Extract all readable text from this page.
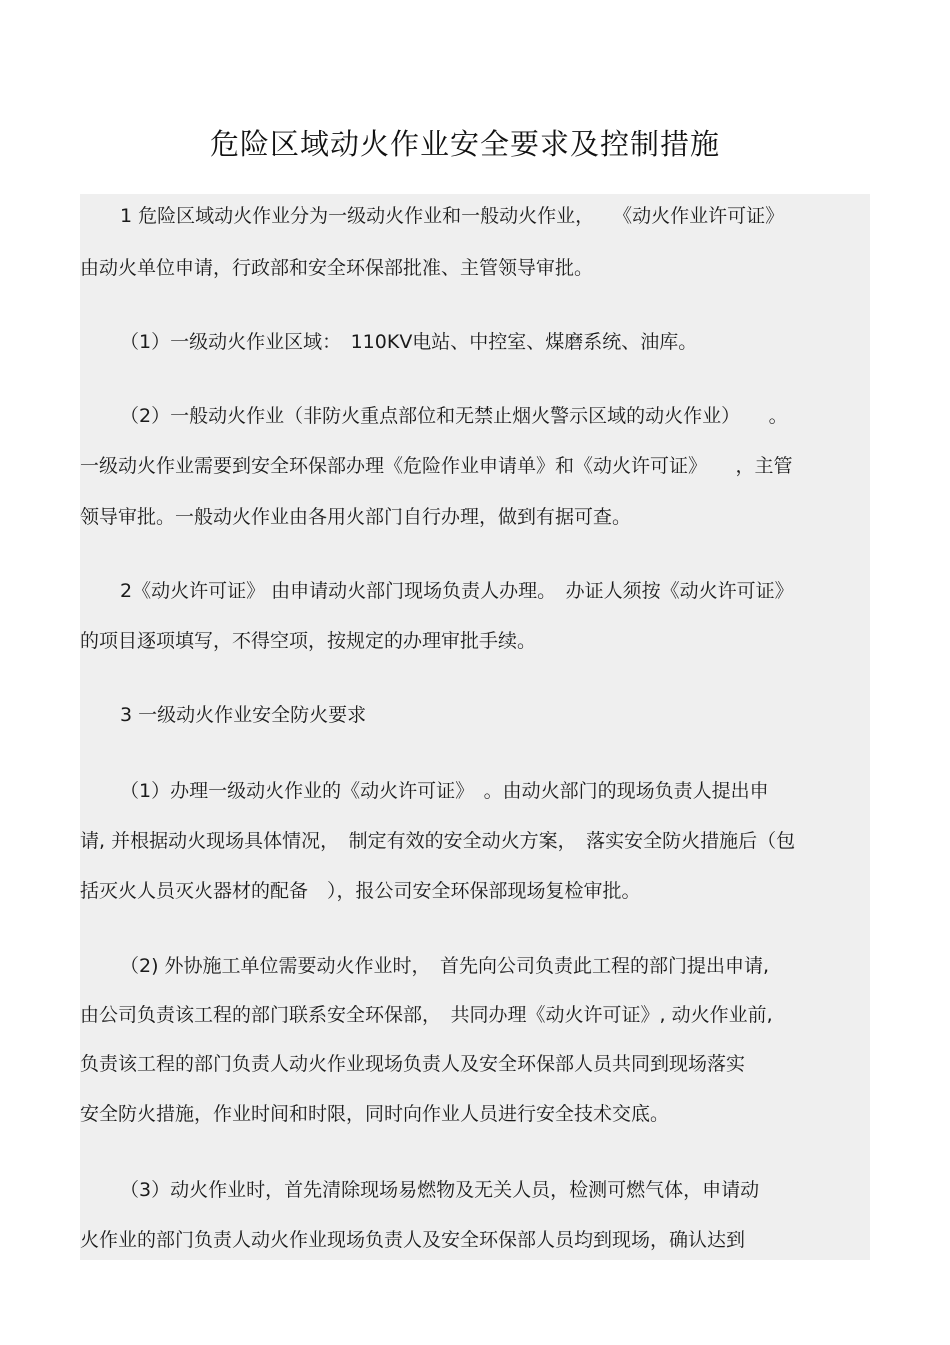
危险区域动火作业安全要求及控制措施
1 危险区域动火作业分为一级动火作业和一般动火作业，　　《动火作业许可证》
由动火单位申请，行政部和安全环保部批准、主管领导审批。
（1）一级动火作业区域：　110KV电站、中控室、煤磨系统、油库。
（2）一般动火作业（非防火重点部位和无禁止烟火警示区域的动火作业）　　。
一级动火作业需要到安全环保部办理《危险作业申请单》和《动火许可证》　　，主管
领导审批。一般动火作业由各用火部门自行办理，做到有据可查。
2《动火许可证》 由申请动火部门现场负责人办理。　办证人须按《动火许可证》
的项目逐项填写，不得空项，按规定的办理审批手续。
3 一级动火作业安全防火要求
（1）办理一级动火作业的《动火许可证》　。由动火部门的现场负责人提出申
请, 并根据动火现场具体情况，　制定有效的安全动火方案，　落实安全防火措施后（包
括灭火人员灭火器材的配备　），报公司安全环保部现场复检审批。
（2) 外协施工单位需要动火作业时，　首先向公司负责此工程的部门提出申请,
由公司负责该工程的部门联系安全环保部，　共同办理《动火许可证》, 动火作业前,
负责该工程的部门负责人动火作业现场负责人及安全环保部人员共同到现场落实
安全防火措施，作业时间和时限，同时向作业人员进行安全技术交底。
（3）动火作业时，首先清除现场易燃物及无关人员，检测可燃气体，申请动
火作业的部门负责人动火作业现场负责人及安全环保部人员均到现场，确认达到
